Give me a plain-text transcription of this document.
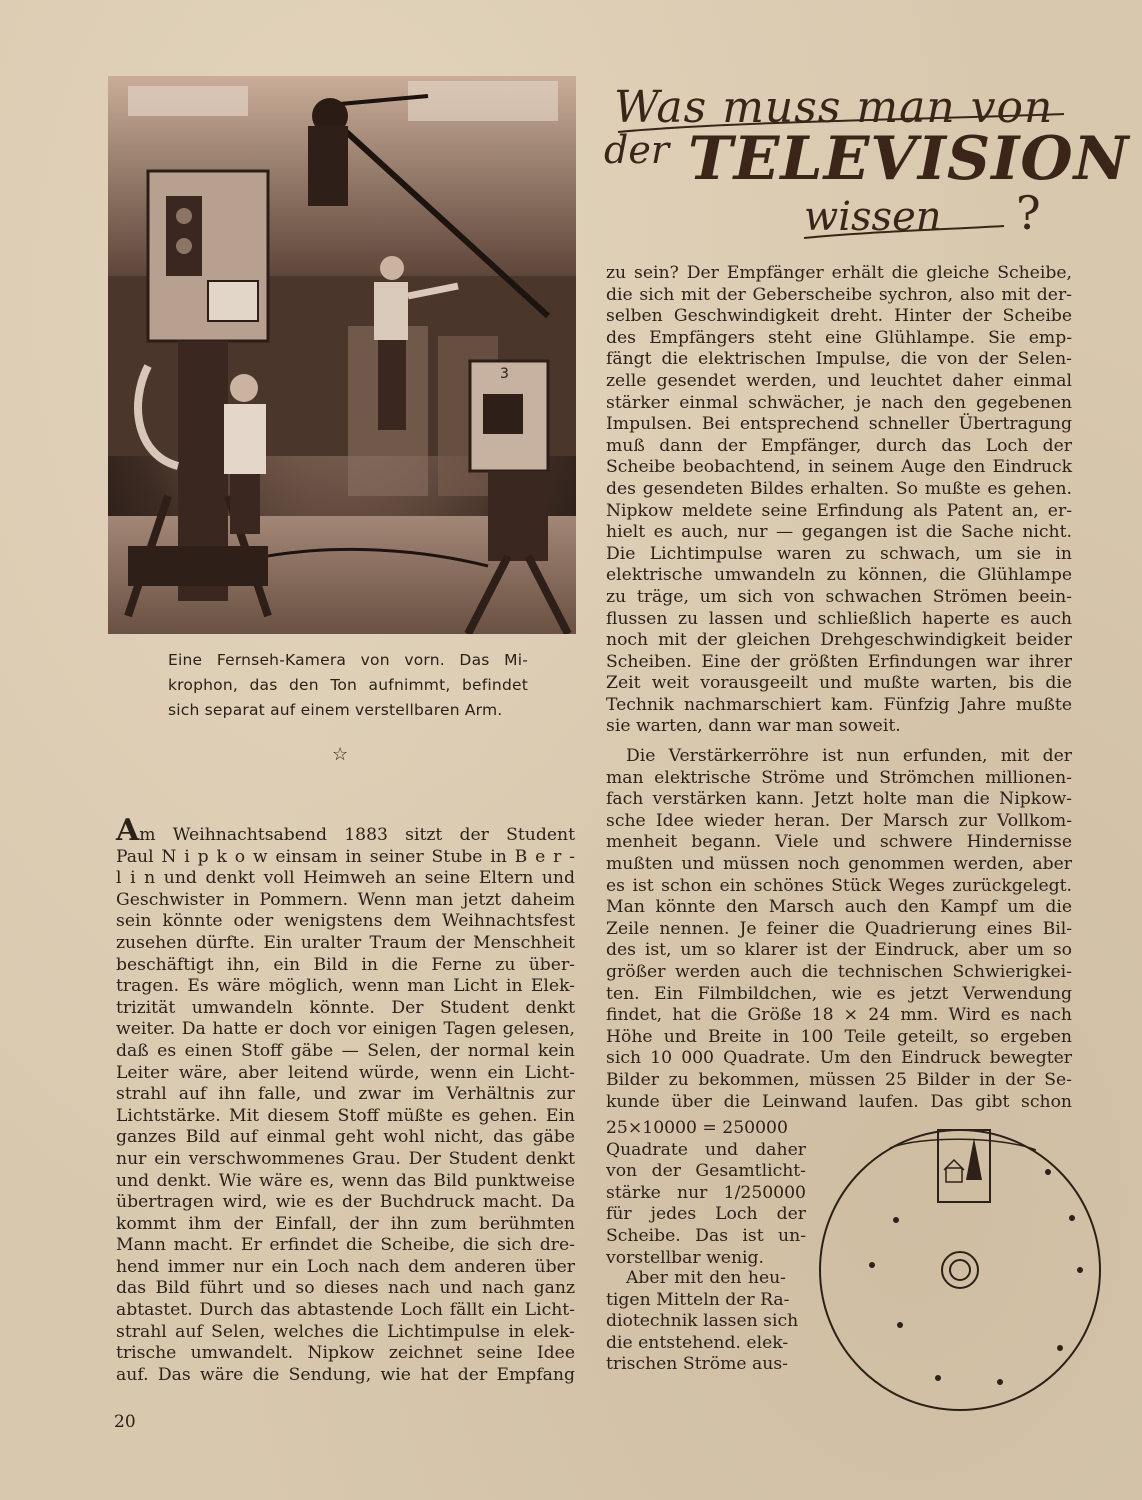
3
Eine Fernseh-Kamera von vorn. Das Mi-
krophon, das den Ton aufnimmt, befindet
sich separat auf einem verstellbaren Arm.
☆
Was muss man von
der TELEVISION
wissen ?
Am Weihnachtsabend 1883 sitzt der Student
Paul N i p k o w einsam in seiner Stube in B e r -
l i n und denkt voll Heimweh an seine Eltern und
Geschwister in Pommern. Wenn man jetzt daheim
sein könnte oder wenigstens dem Weihnachtsfest
zusehen dürfte. Ein uralter Traum der Menschheit
beschäftigt ihn, ein Bild in die Ferne zu über-
tragen. Es wäre möglich, wenn man Licht in Elek-
trizität umwandeln könnte. Der Student denkt
weiter. Da hatte er doch vor einigen Tagen gelesen,
daß es einen Stoff gäbe — Selen, der normal kein
Leiter wäre, aber leitend würde, wenn ein Licht-
strahl auf ihn falle, und zwar im Verhältnis zur
Lichtstärke. Mit diesem Stoff müßte es gehen. Ein
ganzes Bild auf einmal geht wohl nicht, das gäbe
nur ein verschwommenes Grau. Der Student denkt
und denkt. Wie wäre es, wenn das Bild punktweise
übertragen wird, wie es der Buchdruck macht. Da
kommt ihm der Einfall, der ihn zum berühmten
Mann macht. Er erfindet die Scheibe, die sich dre-
hend immer nur ein Loch nach dem anderen über
das Bild führt und so dieses nach und nach ganz
abtastet. Durch das abtastende Loch fällt ein Licht-
strahl auf Selen, welches die Lichtimpulse in elek-
trische umwandelt. Nipkow zeichnet seine Idee
auf. Das wäre die Sendung, wie hat der Empfang
zu sein? Der Empfänger erhält die gleiche Scheibe,
die sich mit der Geberscheibe sychron, also mit der-
selben Geschwindigkeit dreht. Hinter der Scheibe
des Empfängers steht eine Glühlampe. Sie emp-
fängt die elektrischen Impulse, die von der Selen-
zelle gesendet werden, und leuchtet daher einmal
stärker einmal schwächer, je nach den gegebenen
Impulsen. Bei entsprechend schneller Übertragung
muß dann der Empfänger, durch das Loch der
Scheibe beobachtend, in seinem Auge den Eindruck
des gesendeten Bildes erhalten. So mußte es gehen.
Nipkow meldete seine Erfindung als Patent an, er-
hielt es auch, nur — gegangen ist die Sache nicht.
Die Lichtimpulse waren zu schwach, um sie in
elektrische umwandeln zu können, die Glühlampe
zu träge, um sich von schwachen Strömen beein-
flussen zu lassen und schließlich haperte es auch
noch mit der gleichen Drehgeschwindigkeit beider
Scheiben. Eine der größten Erfindungen war ihrer
Zeit weit vorausgeeilt und mußte warten, bis die
Technik nachmarschiert kam. Fünfzig Jahre mußte
sie warten, dann war man soweit.
Die Verstärkerröhre ist nun erfunden, mit der
man elektrische Ströme und Strömchen millionen-
fach verstärken kann. Jetzt holte man die Nipkow-
sche Idee wieder heran. Der Marsch zur Vollkom-
menheit begann. Viele und schwere Hindernisse
mußten und müssen noch genommen werden, aber
es ist schon ein schönes Stück Weges zurückgelegt.
Man könnte den Marsch auch den Kampf um die
Zeile nennen. Je feiner die Quadrierung eines Bil-
des ist, um so klarer ist der Eindruck, aber um so
größer werden auch die technischen Schwierigkei-
ten. Ein Filmbildchen, wie es jetzt Verwendung
findet, hat die Größe 18 × 24 mm. Wird es nach
Höhe und Breite in 100 Teile geteilt, so ergeben
sich 10 000 Quadrate. Um den Eindruck bewegter
Bilder zu bekommen, müssen 25 Bilder in der Se-
kunde über die Leinwand laufen. Das gibt schon
25×10000 = 250000
Quadrate und daher
von der Gesamtlicht-
stärke nur 1/250000
für jedes Loch der
Scheibe. Das ist un-
vorstellbar wenig.
Aber mit den heu-
tigen Mitteln der Ra-
diotechnik lassen sich
die entstehend. elek-
trischen Ströme aus-
20
